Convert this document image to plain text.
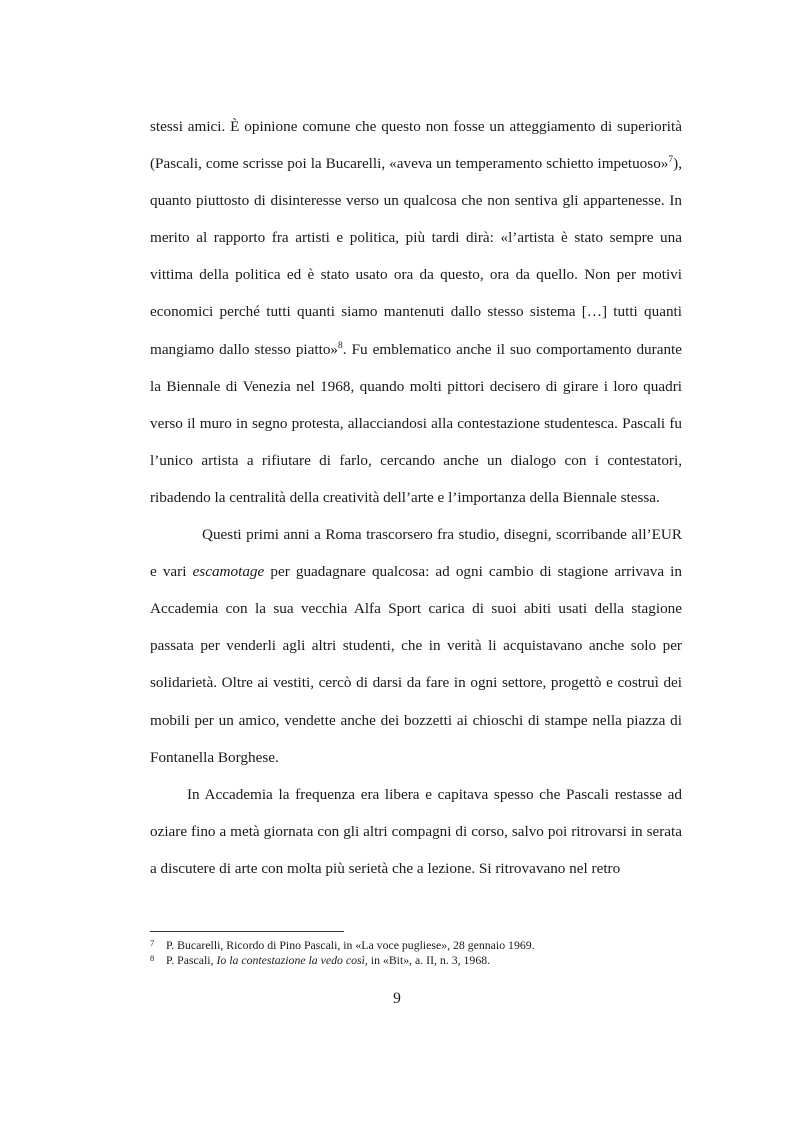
stessi amici. È opinione comune che questo non fosse un atteggiamento di superiorità (Pascali, come scrisse poi la Bucarelli, «aveva un temperamento schietto impetuoso»$^7$), quanto piuttosto di disinteresse verso un qualcosa che non sentiva gli appartenesse. In merito al rapporto fra artisti e politica, più tardi dirà: «l’artista è stato sempre una vittima della politica ed è stato usato ora da questo, ora da quello. Non per motivi economici perché tutti quanti siamo mantenuti dallo stesso sistema […] tutti quanti mangiamo dallo stesso piatto»$^8$. Fu emblematico anche il suo comportamento durante la Biennale di Venezia nel 1968, quando molti pittori decisero di girare i loro quadri verso il muro in segno protesta, allacciandosi alla contestazione studentesca. Pascali fu l’unico artista a rifiutare di farlo, cercando anche un dialogo con i contestatori, ribadendo la centralità della creatività dell’arte e l’importanza della Biennale stessa.

Questi primi anni a Roma trascorsero fra studio, disegni, scorribande all’EUR e vari escamotage per guadagnare qualcosa: ad ogni cambio di stagione arrivava in Accademia con la sua vecchia Alfa Sport carica di suoi abiti usati della stagione passata per venderli agli altri studenti, che in verità li acquistavano anche solo per solidarietà. Oltre ai vestiti, cercò di darsi da fare in ogni settore, progettò e costruì dei mobili per un amico, vendette anche dei bozzetti ai chioschi di stampe nella piazza di Fontanella Borghese.

In Accademia la frequenza era libera e capitava spesso che Pascali restasse ad oziare fino a metà giornata con gli altri compagni di corso, salvo poi ritrovarsi in serata a discutere di arte con molta più serietà che a lezione. Si ritrovavano nel retro

7 P. Bucarelli, Ricordo di Pino Pascali, in «La voce pugliese», 28 gennaio 1969.
8 P. Pascali, Io la contestazione la vedo così, in «Bit», a. II, n. 3, 1968.
9
